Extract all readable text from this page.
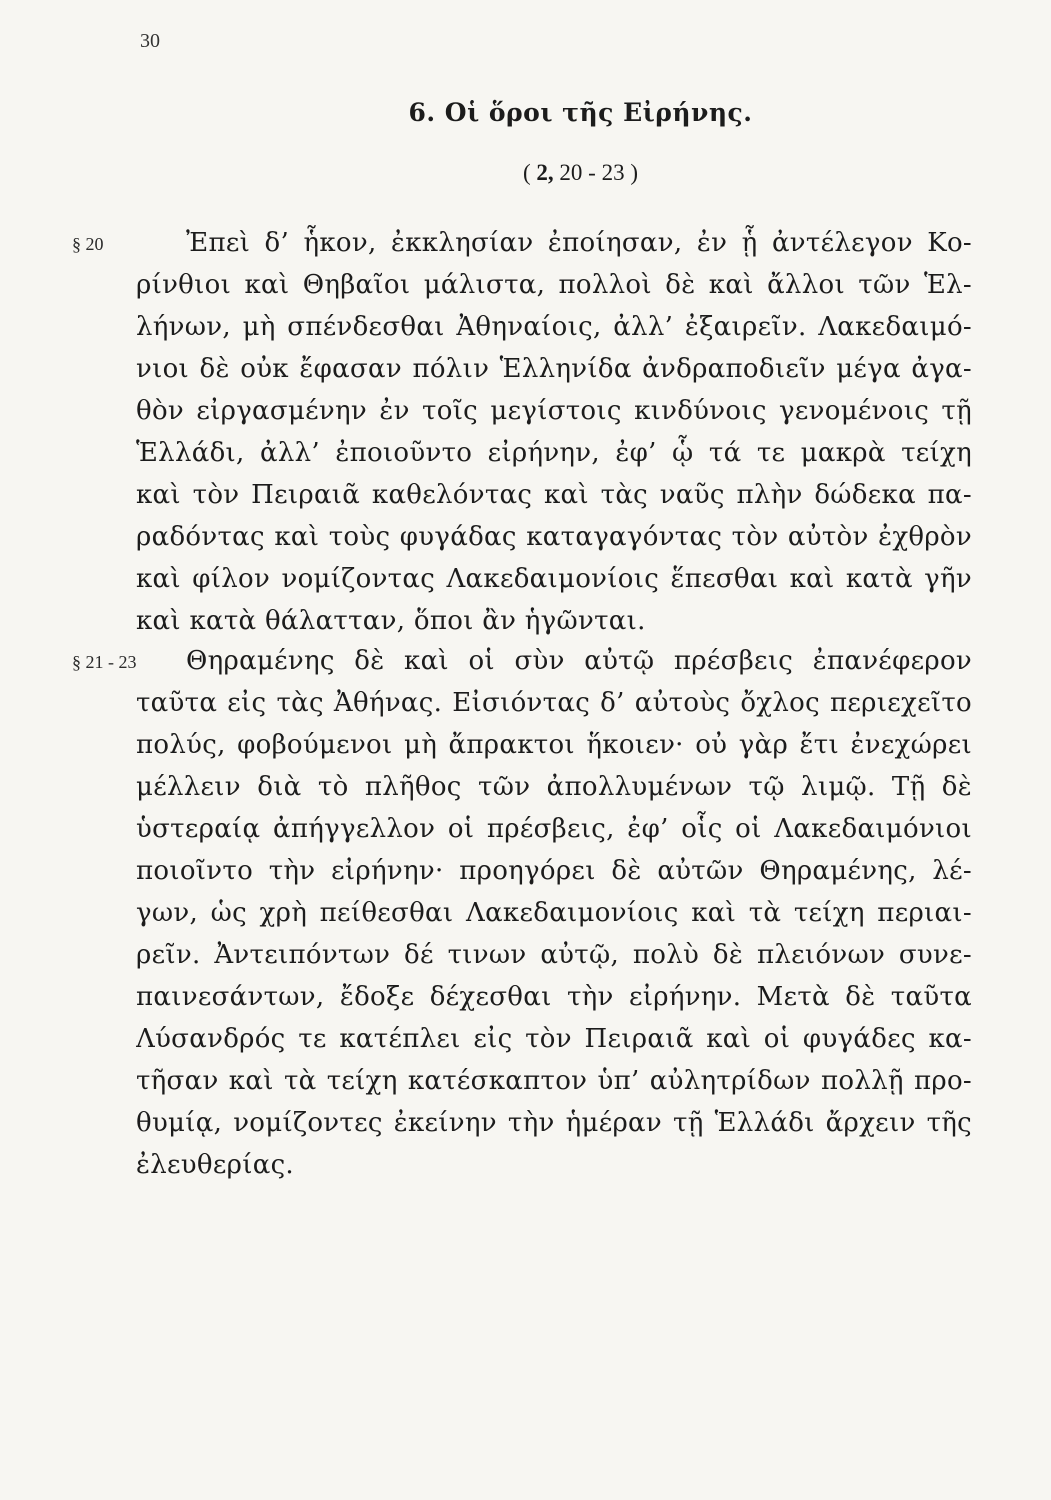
30
6. Οἱ ὅροι τῆς Εἰρήνης.
( 2, 20 - 23 )
§ 20	Ἐπεὶ δ’ ἧκον, ἐκκλησίαν ἐποίησαν, ἐν ᾗ ἀντέλεγον Κο-
ρίνθιοι καὶ Θηβαῖοι μάλιστα, πολλοὶ δὲ καὶ ἄλλοι τῶν Ἑλ-
λήνων, μὴ σπένδεσθαι Ἀθηναίοις, ἀλλ’ ἐξαιρεῖν. Λακεδαιμό-
νιοι δὲ οὐκ ἔφασαν πόλιν Ἑλληνίδα ἀνδραποδιεῖν μέγα ἀγα-
θὸν εἰργασμένην ἐν τοῖς μεγίστοις κινδύνοις γενομένοις τῇ
Ἑλλάδι, ἀλλ’ ἐποιοῦντο εἰρήνην, ἐφ’ ᾧ τά τε μακρὰ τείχη
καὶ τὸν Πειραιᾶ καθελόντας καὶ τὰς ναῦς πλὴν δώδεκα πα-
ραδόντας καὶ τοὺς φυγάδας καταγαγόντας τὸν αὐτὸν ἐχθρὸν
καὶ φίλον νομίζοντας Λακεδαιμονίοις ἕπεσθαι καὶ κατὰ γῆν
καὶ κατὰ θάλατταν, ὅποι ἂν ἡγῶνται.
§ 21 - 23	Θηραμένης δὲ καὶ οἱ σὺν αὐτῷ πρέσβεις ἐπανέφερον
ταῦτα εἰς τὰς Ἀθήνας. Εἰσιόντας δ’ αὐτοὺς ὄχλος περιεχεῖτο
πολύς, φοβούμενοι μὴ ἄπρακτοι ἥκοιεν· οὐ γὰρ ἔτι ἐνεχώρει
μέλλειν διὰ τὸ πλῆθος τῶν ἀπολλυμένων τῷ λιμῷ. Τῇ δὲ
ὑστεραίᾳ ἀπήγγελλον οἱ πρέσβεις, ἐφ’ οἷς οἱ Λακεδαιμόνιοι
ποιοῖντο τὴν εἰρήνην· προηγόρει δὲ αὐτῶν Θηραμένης, λέ-
γων, ὡς χρὴ πείθεσθαι Λακεδαιμονίοις καὶ τὰ τείχη περιαι-
ρεῖν. Ἀντειπόντων δέ τινων αὐτῷ, πολὺ δὲ πλειόνων συνε-
παινεσάντων, ἔδοξε δέχεσθαι τὴν εἰρήνην. Μετὰ δὲ ταῦτα
Λύσανδρός τε κατέπλει εἰς τὸν Πειραιᾶ καὶ οἱ φυγάδες κα-
τῆσαν καὶ τὰ τείχη κατέσκαπτον ὑπ’ αὐλητρίδων πολλῇ προ-
θυμίᾳ, νομίζοντες ἐκείνην τὴν ἡμέραν τῇ Ἑλλάδι ἄρχειν τῆς
ἐλευθερίας.
